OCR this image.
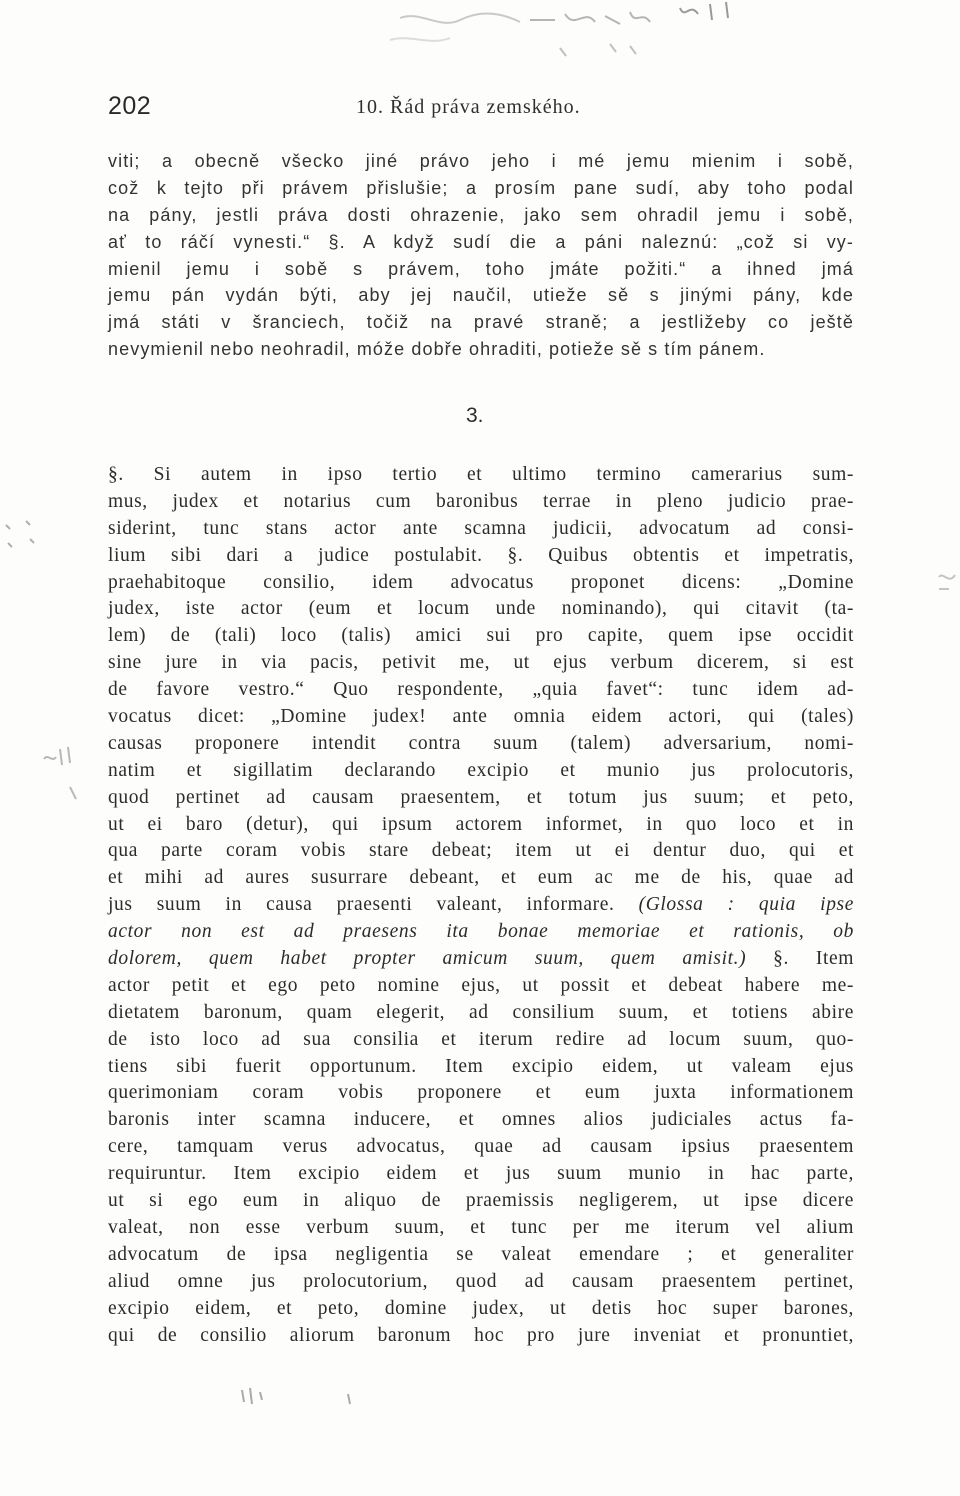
202	10. Řád práva zemského.
viti; a obecně všecko jiné právo jeho i mé jemu mienim i sobě,
což k tejto při právem přislušie; a prosím pane sudí, aby toho podal
na pány, jestli práva dosti ohrazenie, jako sem ohradil jemu i sobě,
ať to ráčí vynesti.“ §. A když sudí die a páni naleznú: „což si vy-
mienil jemu i sobě s právem, toho jmáte požiti.“ a ihned jmá
jemu pán vydán býti, aby jej naučil, utieže sě s jinými pány, kde
jmá státi v šranciech, točiž na pravé straně; a jestližeby co ještě
nevymienil nebo neohradil, móže dobře ohraditi, potieže sě s tím pánem.
3.
§. Si autem in ipso tertio et ultimo termino camerarius sum-
mus, judex et notarius cum baronibus terrae in pleno judicio prae-
siderint, tunc stans actor ante scamna judicii, advocatum ad consi-
lium sibi dari a judice postulabit. §. Quibus obtentis et impetratis,
praehabitoque consilio, idem advocatus proponet dicens: „Domine
judex, iste actor (eum et locum unde nominando), qui citavit (ta-
lem) de (tali) loco (talis) amici sui pro capite, quem ipse occidit
sine jure in via pacis, petivit me, ut ejus verbum dicerem, si est
de favore vestro.“ Quo respondente, „quia favet“: tunc idem ad-
vocatus dicet: „Domine judex! ante omnia eidem actori, qui (tales)
causas proponere intendit contra suum (talem) adversarium, nomi-
natim et sigillatim declarando excipio et munio jus prolocutoris,
quod pertinet ad causam praesentem, et totum jus suum; et peto,
ut ei baro (detur), qui ipsum actorem informet, in quo loco et in
qua parte coram vobis stare debeat; item ut ei dentur duo, qui et
et mihi ad aures susurrare debeant, et eum ac me de his, quae ad
jus suum in causa praesenti valeant, informare. (Glossa : quia ipse
actor non est ad praesens ita bonae memoriae et rationis, ob
dolorem, quem habet propter amicum suum, quem amisit.) §. Item
actor petit et ego peto nomine ejus, ut possit et debeat habere me-
dietatem baronum, quam elegerit, ad consilium suum, et totiens abire
de isto loco ad sua consilia et iterum redire ad locum suum, quo-
tiens sibi fuerit opportunum. Item excipio eidem, ut valeam ejus
querimoniam coram vobis proponere et eum juxta informationem
baronis inter scamna inducere, et omnes alios judiciales actus fa-
cere, tamquam verus advocatus, quae ad causam ipsius praesentem
requiruntur. Item excipio eidem et jus suum munio in hac parte,
ut si ego eum in aliquo de praemissis negligerem, ut ipse dicere
valeat, non esse verbum suum, et tunc per me iterum vel alium
advocatum de ipsa negligentia se valeat emendare ; et generaliter
aliud omne jus prolocutorium, quod ad causam praesentem pertinet,
excipio eidem, et peto, domine judex, ut detis hoc super barones,
qui de consilio aliorum baronum hoc pro jure inveniat et pronuntiet,
